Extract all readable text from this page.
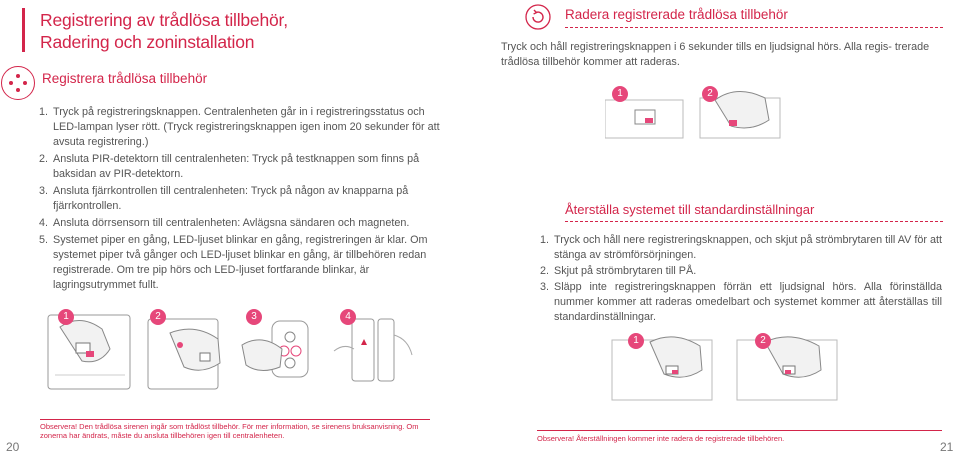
Registrering av trådlösa tillbehör,
Radering och zoninstallation
Registrera trådlösa tillbehör
1. Tryck på registreringsknappen. Centralenheten går in i registreringsstatus och LED-lampan lyser rött. (Tryck registreringsknappen igen inom 20 sekunder för att avsuta registrering.)
2. Ansluta PIR-detektorn till centralenheten: Tryck på testknappen som finns på baksidan av PIR-detektorn.
3. Ansluta fjärrkontrollen till centralenheten: Tryck på någon av knapparna på fjärrkontrollen.
4. Ansluta dörrsensorn till centralenheten: Avlägsna sändaren och magneten.
5. Systemet piper en gång, LED-ljuset blinkar en gång, registreringen är klar. Om systemet piper två gånger och LED-ljuset blinkar en gång, är tillbehören redan registrerade. Om tre pip hörs och LED-ljuset fortfarande blinkar, är lagringsutrymmet fullt.
1	2	3	4
Observera! Den trådlösa sirenen ingår som trådlöst tillbehör. För mer information, se sirenens bruksanvisning. Om zonerna har ändrats, måste du ansluta tillbehören igen till centralenheten.
20
Radera registrerade trådlösa tillbehör
Tryck och håll registreringsknappen i 6 sekunder tills en ljudsignal hörs. Alla regis- trerade trådlösa tillbehör kommer att raderas.
1	2
Återställa systemet till standardinställningar
1. Tryck och håll nere registreringsknappen, och skjut på strömbrytaren till AV för att stänga av strömförsörjningen.
2. Skjut på strömbrytaren till PÅ.
3. Släpp inte registreringsknappen förrän ett ljudsignal hörs. Alla förinställda nummer kommer att raderas omedelbart och systemet kommer att återställas till standardinställningar.
1	2
Observera! Återställningen kommer inte radera de registrerade tillbehören.
21
